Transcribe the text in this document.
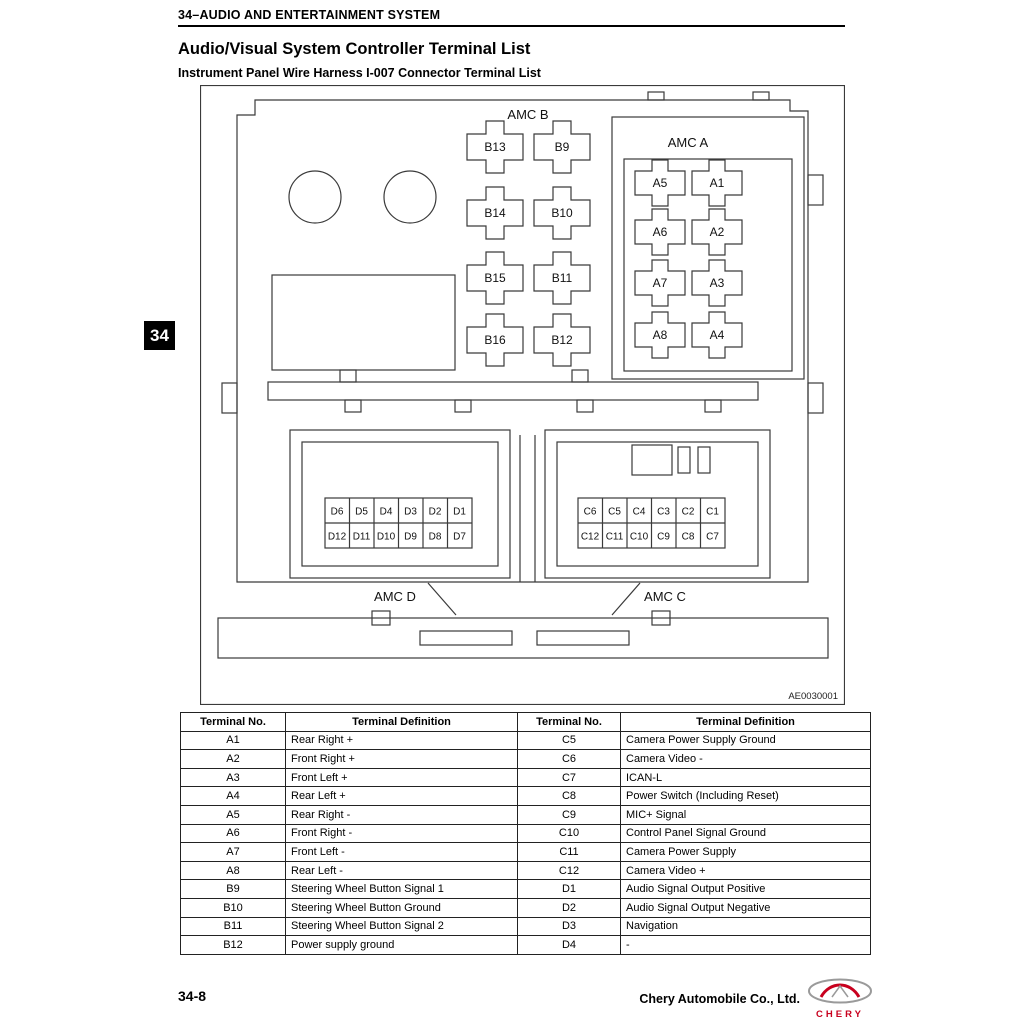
34–AUDIO AND ENTERTAINMENT SYSTEM
Audio/Visual System Controller Terminal List
Instrument Panel Wire Harness I-007 Connector Terminal List
34
AMC B
B13	B9
B14	B10
B15	B11
B16	B12
AMC A
A5	A1
A6	A2
A7	A3
A8	A4
D6 D5 D4 D3 D2 D1
D12 D11 D10 D9 D8 D7
C6 C5 C4 C3 C2 C1
C12 C11 C10 C9 C8 C7
AMC D	AMC C
AE0030001
Terminal No.	Terminal Definition	Terminal No.	Terminal Definition
A1	Rear Right +	C5	Camera Power Supply Ground
A2	Front Right +	C6	Camera Video -
A3	Front Left +	C7	ICAN-L
A4	Rear Left +	C8	Power Switch (Including Reset)
A5	Rear Right -	C9	MIC+ Signal
A6	Front Right -	C10	Control Panel Signal Ground
A7	Front Left -	C11	Camera Power Supply
A8	Rear Left -	C12	Camera Video +
B9	Steering Wheel Button Signal 1	D1	Audio Signal Output Positive
B10	Steering Wheel Button Ground	D2	Audio Signal Output Negative
B11	Steering Wheel Button Signal 2	D3	Navigation
B12	Power supply ground	D4	-
34-8	Chery Automobile Co., Ltd.
CHERY
